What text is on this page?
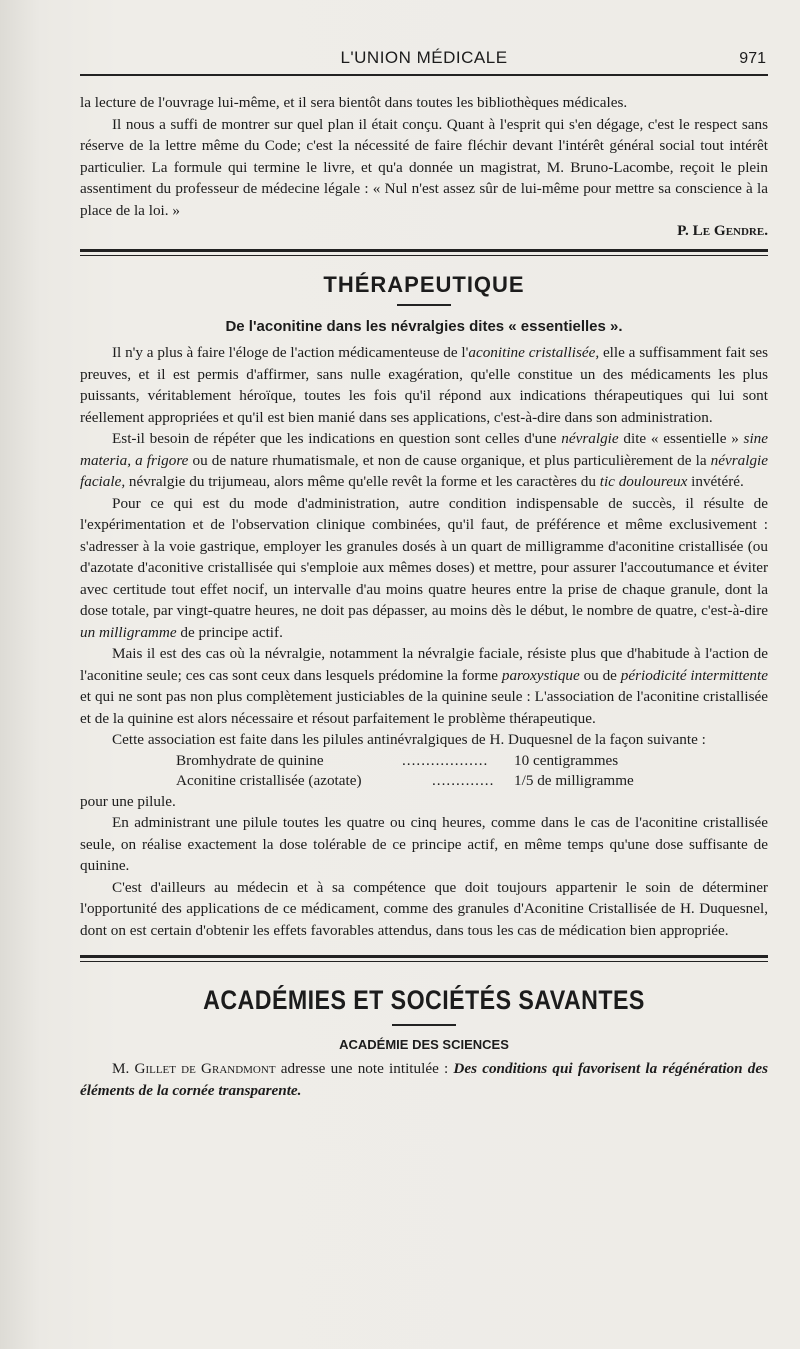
L'UNION MÉDICALE	971

la lecture de l'ouvrage lui-même, et il sera bientôt dans toutes les bibliothèques médicales.

Il nous a suffi de montrer sur quel plan il était conçu. Quant à l'esprit qui s'en dégage, c'est le respect sans réserve de la lettre même du Code; c'est la nécessité de faire fléchir devant l'intérêt général social tout intérêt particulier. La formule qui termine le livre, et qu'a donnée un magistrat, M. Bruno-Lacombe, reçoit le plein assentiment du professeur de médecine légale : « Nul n'est assez sûr de lui-même pour mettre sa conscience à la place de la loi. »

P. Le Gendre.
THÉRAPEUTIQUE
De l'aconitine dans les névralgies dites « essentielles ».

Il n'y a plus à faire l'éloge de l'action médicamenteuse de l'aconitine cristallisée, elle a suffisamment fait ses preuves, et il est permis d'affirmer, sans nulle exagération, qu'elle constitue un des médicaments les plus puissants, véritablement héroïque, toutes les fois qu'il répond aux indications thérapeutiques qui lui sont réellement appropriées et qu'il est bien manié dans ses applications, c'est-à-dire dans son administration.

Est-il besoin de répéter que les indications en question sont celles d'une névralgie dite « essentielle » sine materia, a frigore ou de nature rhumatismale, et non de cause organique, et plus particulièrement de la névralgie faciale, névralgie du trijumeau, alors même qu'elle revêt la forme et les caractères du tic douloureux invétéré.

Pour ce qui est du mode d'administration, autre condition indispensable de succès, il résulte de l'expérimentation et de l'observation clinique combinées, qu'il faut, de préférence et même exclusivement : s'adresser à la voie gastrique, employer les granules dosés à un quart de milligramme d'aconitine cristallisée (ou d'azotate d'aconitive cristallisée qui s'emploie aux mêmes doses) et mettre, pour assurer l'accoutumance et éviter avec certitude tout effet nocif, un intervalle d'au moins quatre heures entre la prise de chaque granule, dont la dose totale, par vingt-quatre heures, ne doit pas dépasser, au moins dès le début, le nombre de quatre, c'est-à-dire un milligramme de principe actif.

Mais il est des cas où la névralgie, notamment la névralgie faciale, résiste plus que d'habitude à l'action de l'aconitine seule; ces cas sont ceux dans lesquels prédomine la forme paroxystique ou de périodicité intermittente et qui ne sont pas non plus complètement justiciables de la quinine seule : L'association de l'aconitine cristallisée et de la quinine est alors nécessaire et résout parfaitement le problème thérapeutique.

Cette association est faite dans les pilules antinévralgiques de H. Duquesnel de la façon suivante :

Bromhydrate de quinine	..................	10 centigrammes
Aconitine cristallisée (azotate)	.............	1/5 de milligramme

pour une pilule.

En administrant une pilule toutes les quatre ou cinq heures, comme dans le cas de l'aconitine cristallisée seule, on réalise exactement la dose tolérable de ce principe actif, en même temps qu'une dose suffisante de quinine.

C'est d'ailleurs au médecin et à sa compétence que doit toujours appartenir le soin de déterminer l'opportunité des applications de ce médicament, comme des granules d'Aconitine Cristallisée de H. Duquesnel, dont on est certain d'obtenir les effets favorables attendus, dans tous les cas de médication bien appropriée.

ACADÉMIES ET SOCIÉTÉS SAVANTES
ACADÉMIE DES SCIENCES

M. Gillet de Grandmont adresse une note intitulée : Des conditions qui favorisent la régénération des éléments de la cornée transparente.
